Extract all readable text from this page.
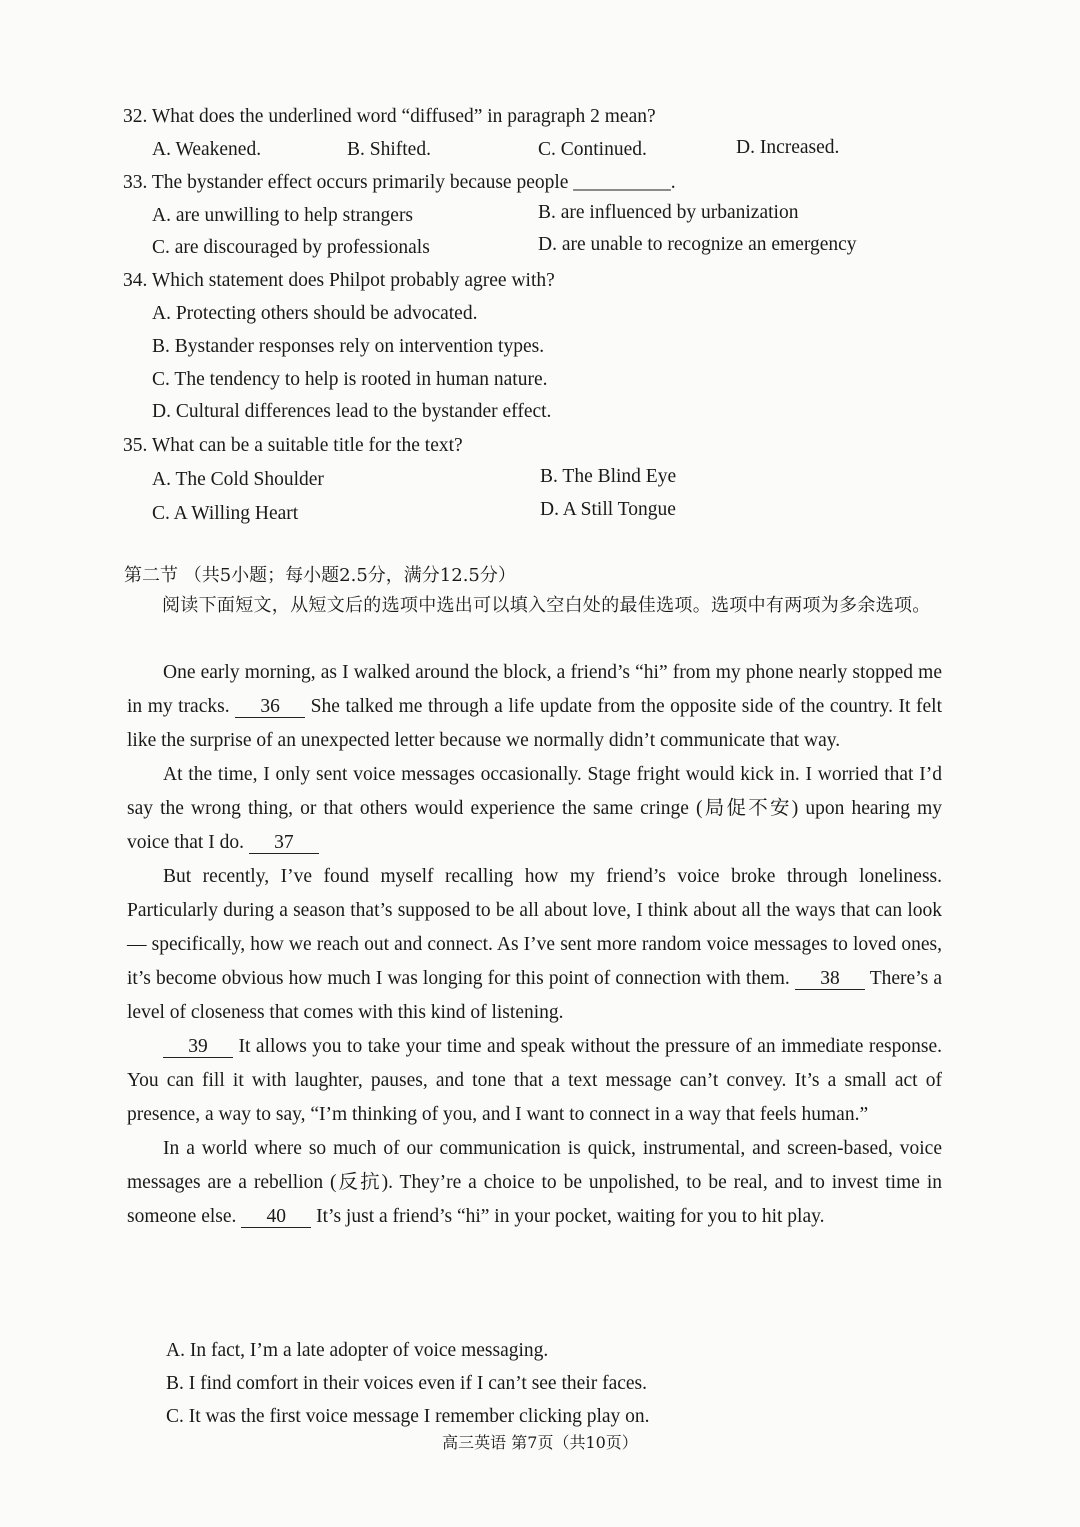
32. What does the underlined word “diffused” in paragraph 2 mean?
A. Weakened.	B. Shifted.	C. Continued.	D. Increased.
33. The bystander effect occurs primarily because people __________.
A. are unwilling to help strangers	B. are influenced by urbanization
C. are discouraged by professionals	D. are unable to recognize an emergency
34. Which statement does Philpot probably agree with?
A. Protecting others should be advocated.
B. Bystander responses rely on intervention types.
C. The tendency to help is rooted in human nature.
D. Cultural differences lead to the bystander effect.
35. What can be a suitable title for the text?
A. The Cold Shoulder	B. The Blind Eye
C. A Willing Heart	D. A Still Tongue
第二节 （共5小题；每小题2.5分，满分12.5分）
阅读下面短文，从短文后的选项中选出可以填入空白处的最佳选项。选项中有两项为多余选项。

One early morning, as I walked around the block, a friend’s “hi” from my phone nearly stopped me in my tracks. 36 She talked me through a life update from the opposite side of the country. It felt like the surprise of an unexpected letter because we normally didn’t communicate that way.

At the time, I only sent voice messages occasionally. Stage fright would kick in. I worried that I’d say the wrong thing, or that others would experience the same cringe (局促不安) upon hearing my voice that I do. 37

But recently, I’ve found myself recalling how my friend’s voice broke through loneliness. Particularly during a season that’s supposed to be all about love, I think about all the ways that can look — specifically, how we reach out and connect. As I’ve sent more random voice messages to loved ones, it’s become obvious how much I was longing for this point of connection with them. 38 There’s a level of closeness that comes with this kind of listening.

39 It allows you to take your time and speak without the pressure of an immediate response. You can fill it with laughter, pauses, and tone that a text message can’t convey. It’s a small act of presence, a way to say, “I’m thinking of you, and I want to connect in a way that feels human.”

In a world where so much of our communication is quick, instrumental, and screen-based, voice messages are a rebellion (反抗). They’re a choice to be unpolished, to be real, and to invest time in someone else. 40 It’s just a friend’s “hi” in your pocket, waiting for you to hit play.

A. In fact, I’m a late adopter of voice messaging.
B. I find comfort in their voices even if I can’t see their faces.
C. It was the first voice message I remember clicking play on.
高三英语 第7页（共10页）
